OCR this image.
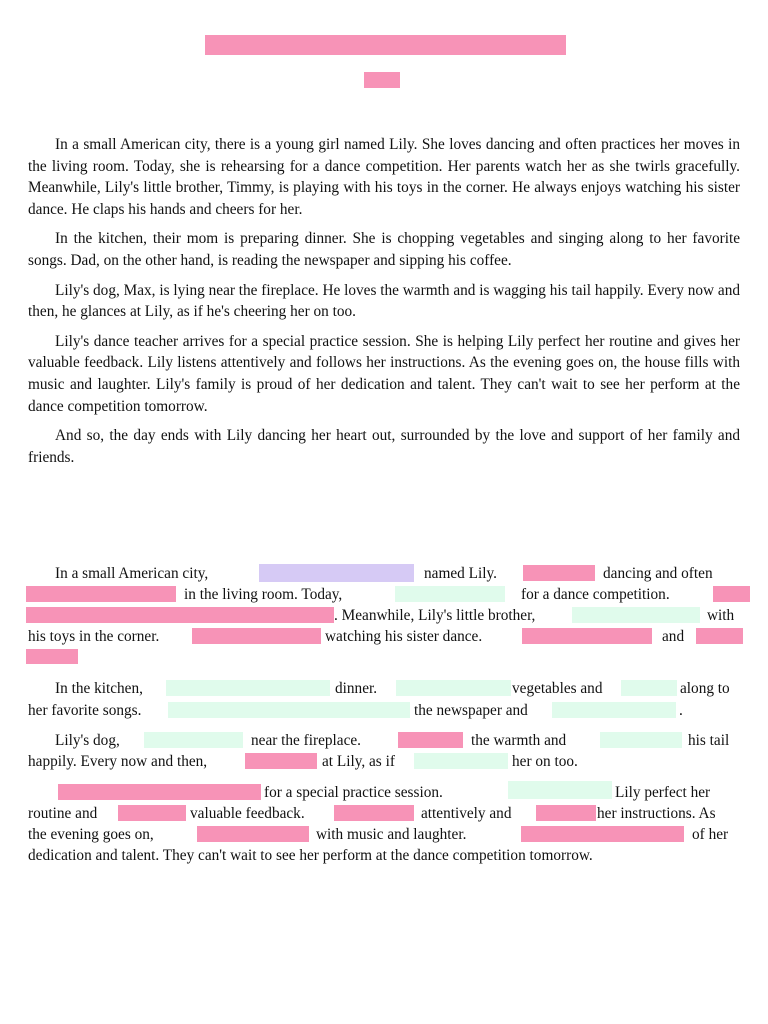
In a small American city, there is a young girl named Lily. She loves dancing and often practices her moves in the living room. Today, she is rehearsing for a dance competition. Her parents watch her as she twirls gracefully. Meanwhile, Lily's little brother, Timmy, is playing with his toys in the corner. He always enjoys watching his sister dance. He claps his hands and cheers for her.

In the kitchen, their mom is preparing dinner. She is chopping vegetables and singing along to her favorite songs. Dad, on the other hand, is reading the newspaper and sipping his coffee.

Lily's dog, Max, is lying near the fireplace. He loves the warmth and is wagging his tail happily. Every now and then, he glances at Lily, as if he's cheering her on too.

Lily's dance teacher arrives for a special practice session. She is helping Lily perfect her routine and gives her valuable feedback. Lily listens attentively and follows her instructions. As the evening goes on, the house fills with music and laughter. Lily's family is proud of her dedication and talent. They can't wait to see her perform at the dance competition tomorrow.

And so, the day ends with Lily dancing her heart out, surrounded by the love and support of her family and friends.

In a small American city,	named Lily.	dancing and often
in the living room. Today,	for a dance competition.
. Meanwhile, Lily's little brother,	with
his toys in the corner.	watching his sister dance.	and
In the kitchen,	dinner.	vegetables and	along to
her favorite songs.	the newspaper and	.
Lily's dog,	near the fireplace.	the warmth and	his tail
happily. Every now and then,	at Lily, as if	her on too.
for a special practice session.	Lily perfect her
routine and	valuable feedback.	attentively and	her instructions. As
the evening goes on,	with music and laughter.	of her
dedication and talent. They can't wait to see her perform at the dance competition tomorrow.
